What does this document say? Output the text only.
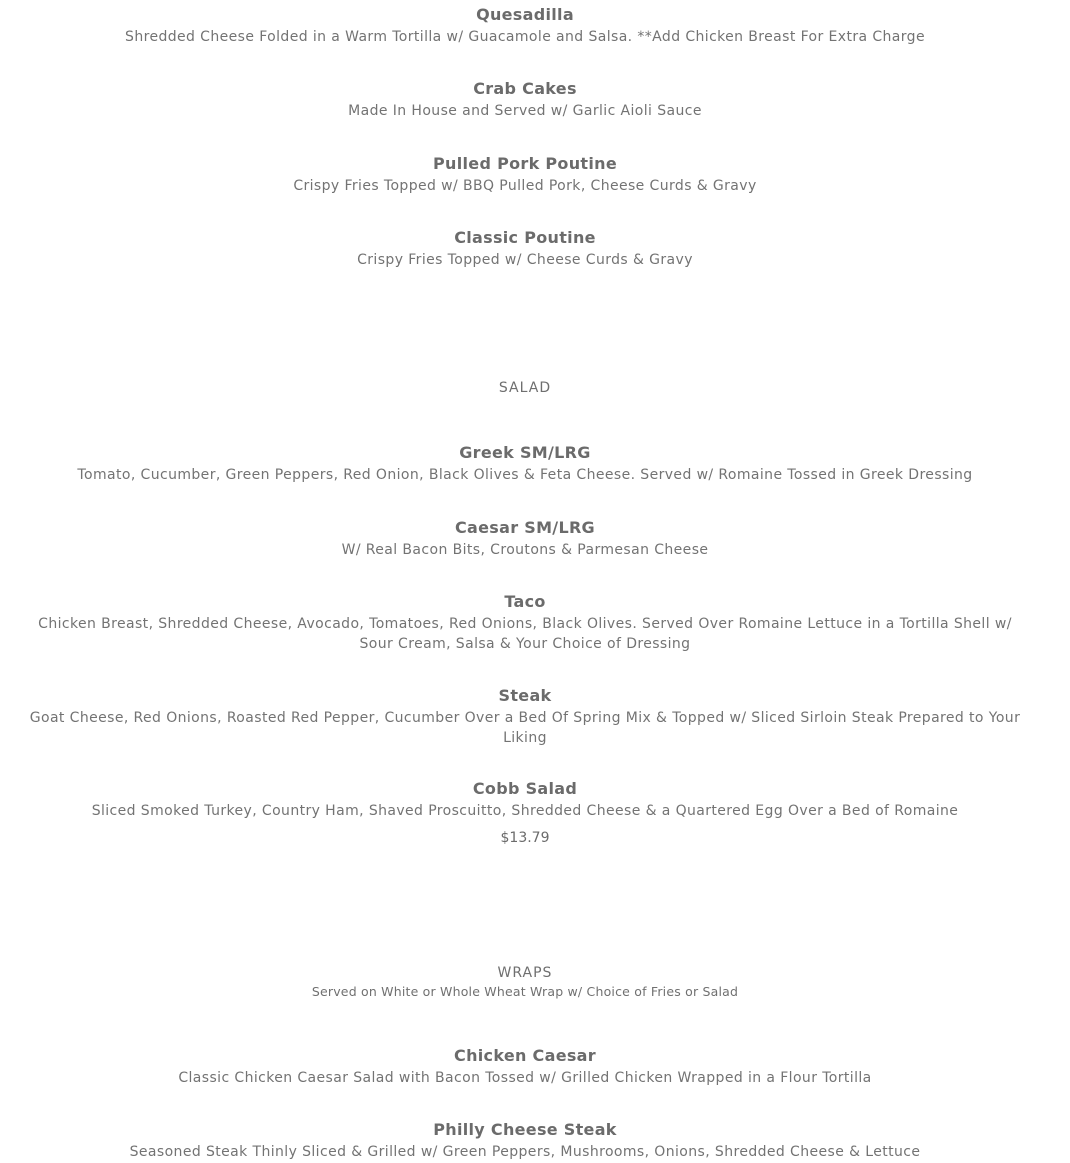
Quesadilla
Shredded Cheese Folded in a Warm Tortilla w/ Guacamole and Salsa. **Add Chicken Breast For Extra Charge
Crab Cakes
Made In House and Served w/ Garlic Aioli Sauce
Pulled Pork Poutine
Crispy Fries Topped w/ BBQ Pulled Pork, Cheese Curds & Gravy
Classic Poutine
Crispy Fries Topped w/ Cheese Curds & Gravy
SALAD
Greek SM/LRG
Tomato, Cucumber, Green Peppers, Red Onion, Black Olives & Feta Cheese. Served w/ Romaine Tossed in Greek Dressing
Caesar SM/LRG
W/ Real Bacon Bits, Croutons & Parmesan Cheese
Taco
Chicken Breast, Shredded Cheese, Avocado, Tomatoes, Red Onions, Black Olives. Served Over Romaine Lettuce in a Tortilla Shell w/ Sour Cream, Salsa & Your Choice of Dressing
Steak
Goat Cheese, Red Onions, Roasted Red Pepper, Cucumber Over a Bed Of Spring Mix & Topped w/ Sliced Sirloin Steak Prepared to Your Liking
Cobb Salad
Sliced Smoked Turkey, Country Ham, Shaved Proscuitto, Shredded Cheese & a Quartered Egg Over a Bed of Romaine
$13.79
WRAPS
Served on White or Whole Wheat Wrap w/ Choice of Fries or Salad
Chicken Caesar
Classic Chicken Caesar Salad with Bacon Tossed w/ Grilled Chicken Wrapped in a Flour Tortilla
Philly Cheese Steak
Seasoned Steak Thinly Sliced & Grilled w/ Green Peppers, Mushrooms, Onions, Shredded Cheese & Lettuce
